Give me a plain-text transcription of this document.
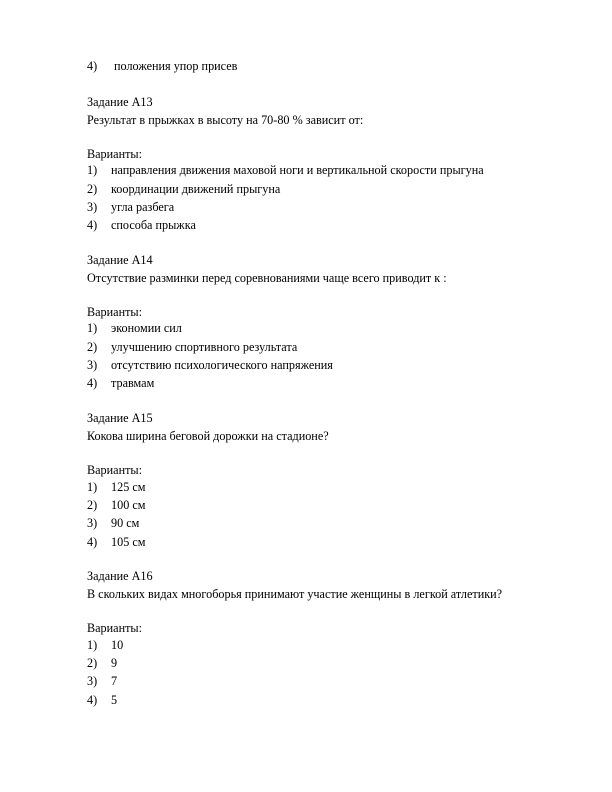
4) положения упор присев
Задание А13
Результат в прыжках в высоту на 70-80 % зависит от:
Варианты:
1) направления движения маховой ноги и вертикальной скорости прыгуна
2) координации движений прыгуна
3) угла разбега
4) способа прыжка
Задание А14
Отсутствие разминки перед соревнованиями чаще всего приводит к :
Варианты:
1) экономии сил
2) улучшению спортивного результата
3) отсутствию психологического напряжения
4) травмам
Задание А15
Кокова ширина беговой дорожки на стадионе?
Варианты:
1) 125 см
2) 100 см
3) 90 см
4) 105 см
Задание А16
В скольких видах многоборья принимают участие женщины в легкой атлетики?
Варианты:
1) 10
2) 9
3) 7
4) 5
